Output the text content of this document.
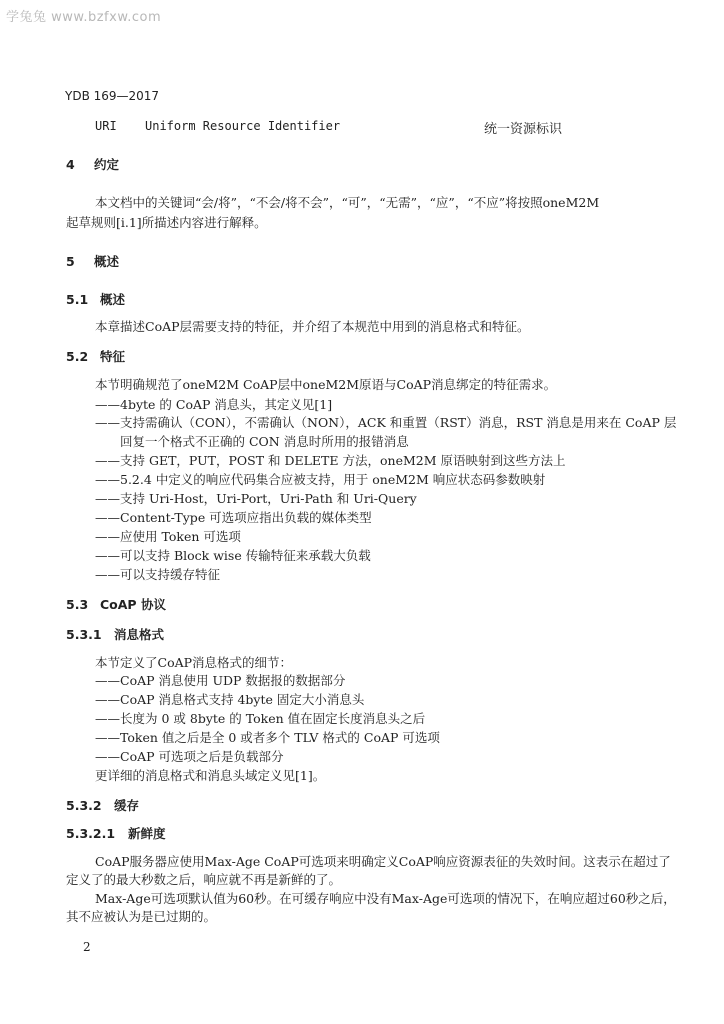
学兔兔 www.bzfxw.com
YDB 169—2017
URI Uniform Resource Identifier	统一资源标识
4 约定
本文档中的关键词“会/将”，“不会/将不会”，“可”，“无需”，“应”，“不应”将按照oneM2M
起草规则[i.1]所描述内容进行解释。
5 概述
5.1 概述
本章描述CoAP层需要支持的特征，并介绍了本规范中用到的消息格式和特征。
5.2 特征
本节明确规范了oneM2M CoAP层中oneM2M原语与CoAP消息绑定的特征需求。
——4byte 的 CoAP 消息头，其定义见[1]
——支持需确认（CON），不需确认（NON），ACK 和重置（RST）消息，RST 消息是用来在 CoAP 层
回复一个格式不正确的 CON 消息时所用的报错消息
——支持 GET，PUT，POST 和 DELETE 方法，oneM2M 原语映射到这些方法上
——5.2.4 中定义的响应代码集合应被支持，用于 oneM2M 响应状态码参数映射
——支持 Uri-Host，Uri-Port，Uri-Path 和 Uri-Query
——Content-Type 可选项应指出负载的媒体类型
——应使用 Token 可选项
——可以支持 Block wise 传输特征来承载大负载
——可以支持缓存特征
5.3 CoAP 协议
5.3.1 消息格式
本节定义了CoAP消息格式的细节：
——CoAP 消息使用 UDP 数据报的数据部分
——CoAP 消息格式支持 4byte 固定大小消息头
——长度为 0 或 8byte 的 Token 值在固定长度消息头之后
——Token 值之后是全 0 或者多个 TLV 格式的 CoAP 可选项
——CoAP 可选项之后是负载部分
更详细的消息格式和消息头域定义见[1]。
5.3.2 缓存
5.3.2.1 新鲜度
CoAP服务器应使用Max-Age CoAP可选项来明确定义CoAP响应资源表征的失效时间。这表示在超过了
定义了的最大秒数之后，响应就不再是新鲜的了。
Max-Age可选项默认值为60秒。在可缓存响应中没有Max-Age可选项的情况下，在响应超过60秒之后，
其不应被认为是已过期的。
2
